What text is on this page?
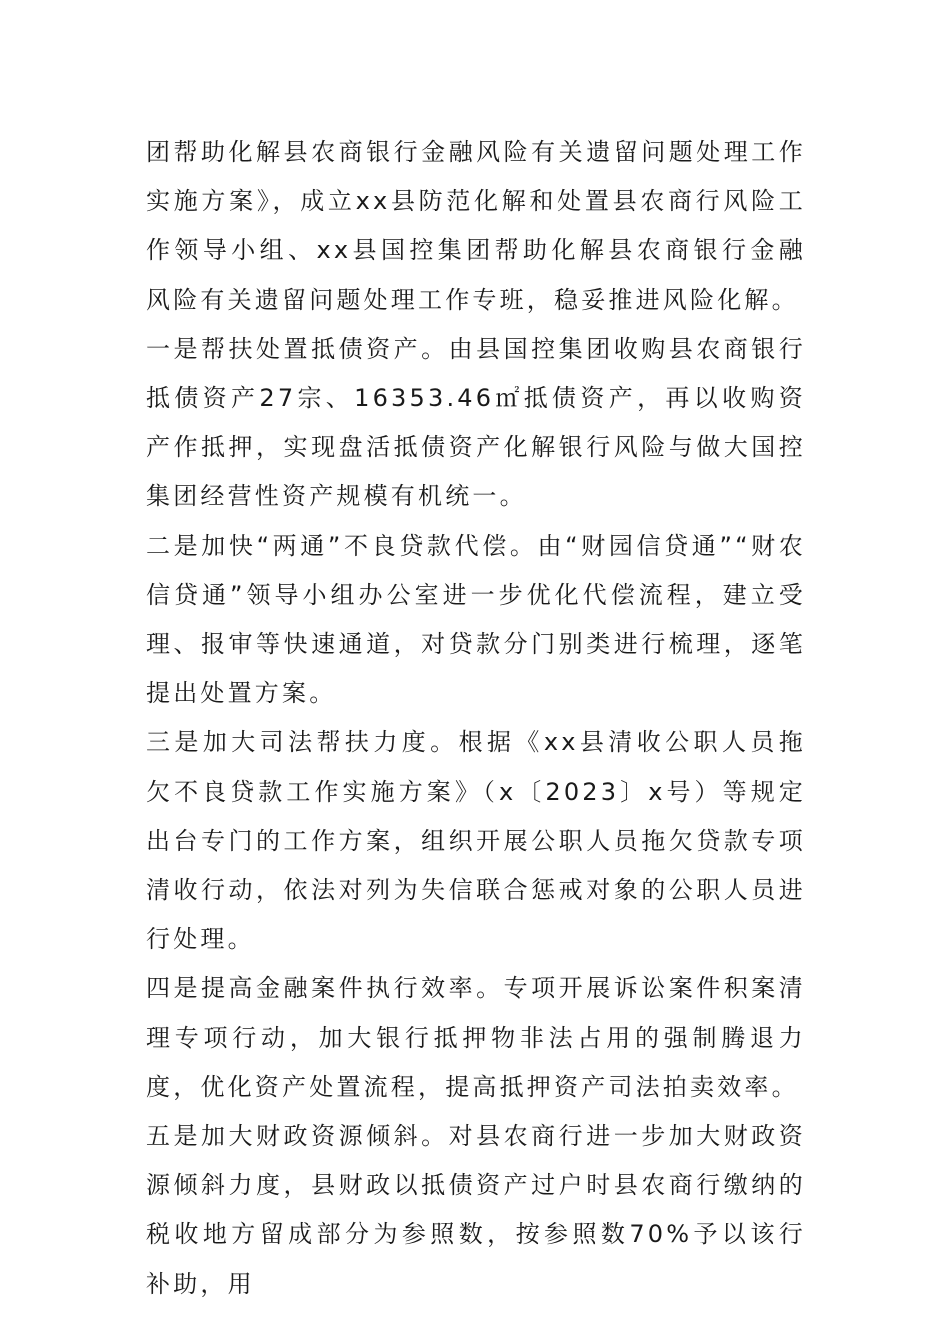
团帮助化解县农商银行金融风险有关遗留问题处理工作实施方案》，成立xx县防范化解和处置县农商行风险工作领导小组、xx县国控集团帮助化解县农商银行金融风险有关遗留问题处理工作专班，稳妥推进风险化解。

一是帮扶处置抵债资产。由县国控集团收购县农商银行抵债资产27宗、16353.46㎡抵债资产，再以收购资产作抵押，实现盘活抵债资产化解银行风险与做大国控集团经营性资产规模有机统一。

二是加快“两通”不良贷款代偿。由“财园信贷通”“财农信贷通”领导小组办公室进一步优化代偿流程，建立受理、报审等快速通道，对贷款分门别类进行梳理，逐笔提出处置方案。

三是加大司法帮扶力度。根据《xx县清收公职人员拖欠不良贷款工作实施方案》（x〔2023〕x号）等规定出台专门的工作方案，组织开展公职人员拖欠贷款专项清收行动，依法对列为失信联合惩戒对象的公职人员进行处理。

四是提高金融案件执行效率。专项开展诉讼案件积案清理专项行动，加大银行抵押物非法占用的强制腾退力度，优化资产处置流程，提高抵押资产司法拍卖效率。

五是加大财政资源倾斜。对县农商行进一步加大财政资源倾斜力度，县财政以抵债资产过户时县农商行缴纳的税收地方留成部分为参照数，按参照数70%予以该行补助，用
